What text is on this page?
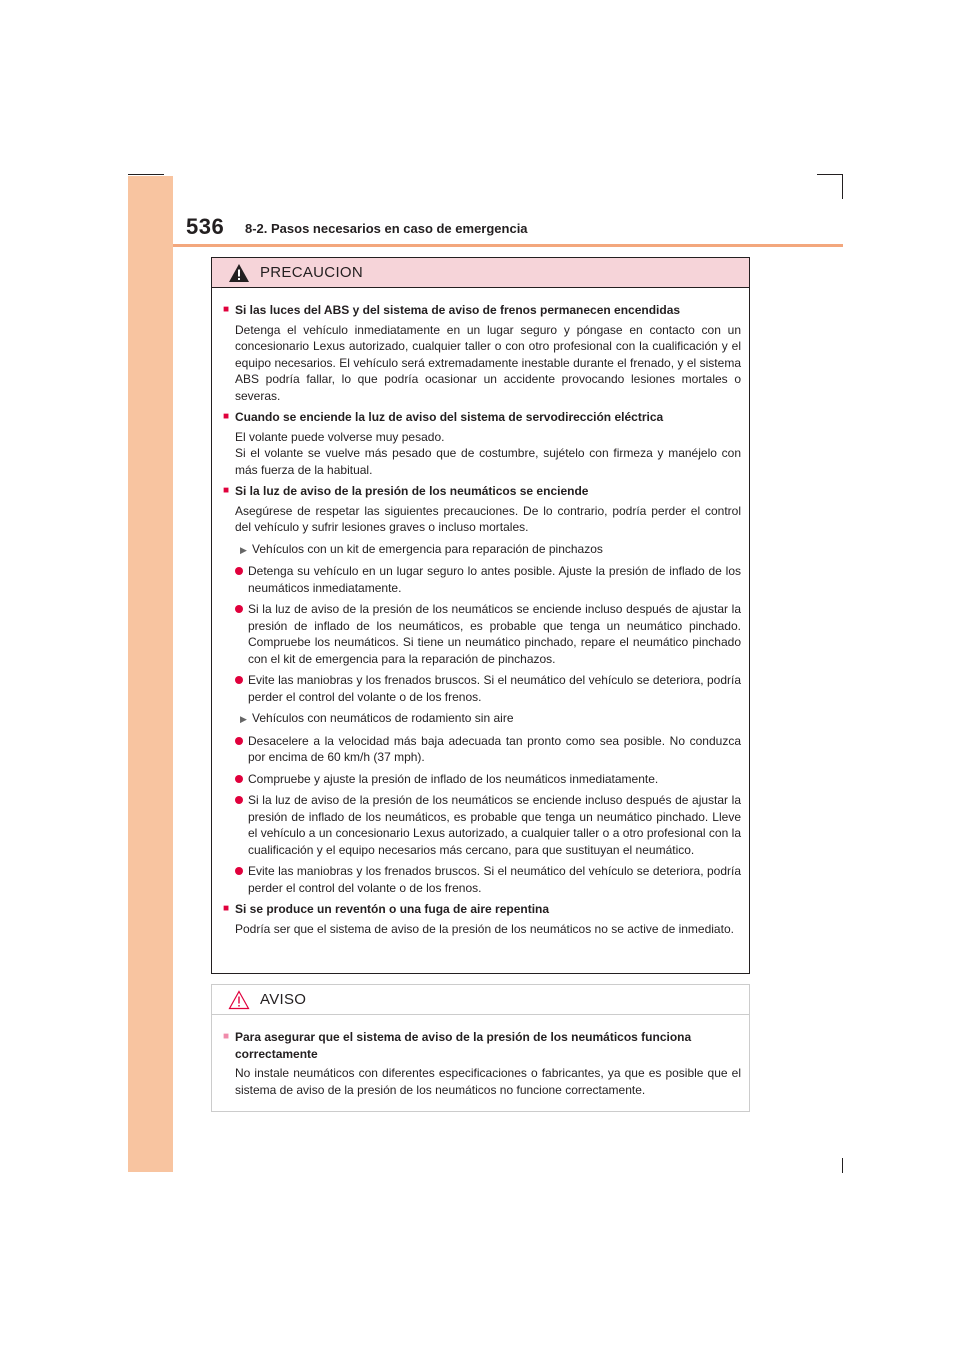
536 8-2. Pasos necesarios en caso de emergencia
PRECAUCION
■ Si las luces del ABS y del sistema de aviso de frenos permanecen encendidas
Detenga el vehículo inmediatamente en un lugar seguro y póngase en contacto con un concesionario Lexus autorizado, cualquier taller o con otro profesional con la cualificación y el equipo necesarios. El vehículo será extremadamente inestable durante el frenado, y el sistema ABS podría fallar, lo que podría ocasionar un accidente provocando lesiones mortales o severas.
■ Cuando se enciende la luz de aviso del sistema de servodirección eléctrica
El volante puede volverse muy pesado.
Si el volante se vuelve más pesado que de costumbre, sujételo con firmeza y manéjelo con más fuerza de la habitual.
■ Si la luz de aviso de la presión de los neumáticos se enciende
Asegúrese de respetar las siguientes precauciones. De lo contrario, podría perder el control del vehículo y sufrir lesiones graves o incluso mortales.
▶ Vehículos con un kit de emergencia para reparación de pinchazos
Detenga su vehículo en un lugar seguro lo antes posible. Ajuste la presión de inflado de los neumáticos inmediatamente.
Si la luz de aviso de la presión de los neumáticos se enciende incluso después de ajustar la presión de inflado de los neumáticos, es probable que tenga un neumático pinchado. Compruebe los neumáticos. Si tiene un neumático pinchado, repare el neumático pinchado con el kit de emergencia para la reparación de pinchazos.
Evite las maniobras y los frenados bruscos. Si el neumático del vehículo se deteriora, podría perder el control del volante o de los frenos.
▶ Vehículos con neumáticos de rodamiento sin aire
Desacelere a la velocidad más baja adecuada tan pronto como sea posible. No conduzca por encima de 60 km/h (37 mph).
Compruebe y ajuste la presión de inflado de los neumáticos inmediatamente.
Si la luz de aviso de la presión de los neumáticos se enciende incluso después de ajustar la presión de inflado de los neumáticos, es probable que tenga un neumático pinchado. Lleve el vehículo a un concesionario Lexus autorizado, a cualquier taller o a otro profesional con la cualificación y el equipo necesarios más cercano, para que sustituyan el neumático.
Evite las maniobras y los frenados bruscos. Si el neumático del vehículo se deteriora, podría perder el control del volante o de los frenos.
■ Si se produce un reventón o una fuga de aire repentina
Podría ser que el sistema de aviso de la presión de los neumáticos no se active de inmediato.
AVISO
■ Para asegurar que el sistema de aviso de la presión de los neumáticos funciona correctamente
No instale neumáticos con diferentes especificaciones o fabricantes, ya que es posible que el sistema de aviso de la presión de los neumáticos no funcione correctamente.
